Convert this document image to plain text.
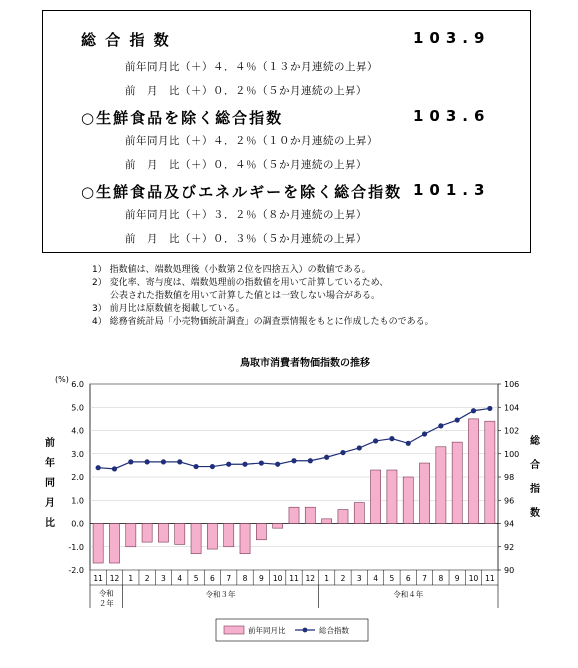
総 合 指 数	103.9
前年同月比（＋）４．４％（１３か月連続の上昇）
前　月　比（＋）０．２％（５か月連続の上昇）
○生鮮食品を除く総合指数	103.6
前年同月比（＋）４．２％（１０か月連続の上昇）
前　月　比（＋）０．４％（５か月連続の上昇）
○生鮮食品及びエネルギーを除く総合指数 101.3
前年同月比（＋）３．２％（８か月連続の上昇）
前　月　比（＋）０．３％（５か月連続の上昇）
1） 指数値は、端数処理後（小数第２位を四捨五入）の数値である。
2） 変化率、寄与度は、端数処理前の指数値を用いて計算しているため、
　　公表された指数値を用いて計算した値とは一致しない場合がある。
3） 前月比は原数値を掲載している。
4） 総務省統計局「小売物価統計調査」の調査票情報をもとに作成したものである。
鳥取市消費者物価指数の推移
(%)
-2.0
-1.0
0.0
1.0
2.0
3.0
4.0
5.0
6.0
90
92
94
96
98
100
102
104
106
11 12 1 2 3 4 5 6 7 8 9 10 11 12 1 2 3 4 5 6 7 8 9 10 11
令和
２年
令和３年	令和４年
前
年
同
月
比
総
合
指
数
前年同月比	総合指数
